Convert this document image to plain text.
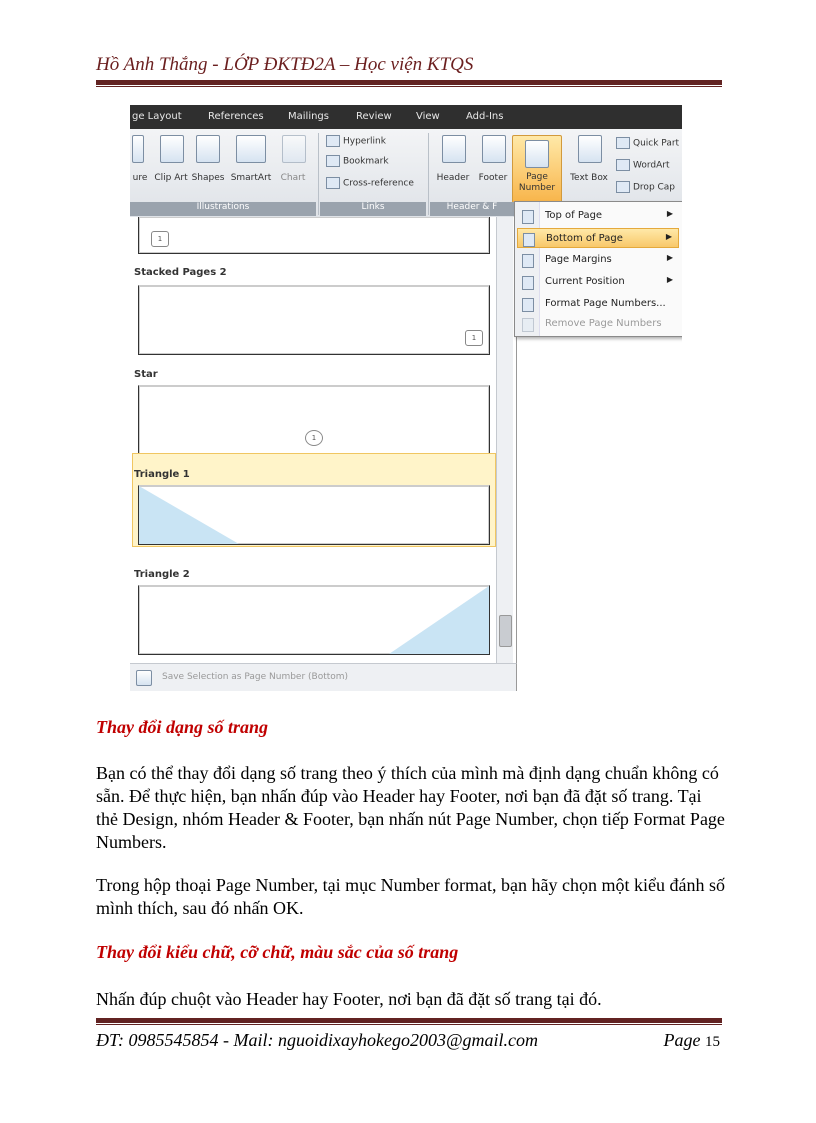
Hồ Anh Thắng - LỚP ĐKTĐ2A – Học viện KTQS
ge Layout	References Mailings	Review View	Add-Ins
ure Clip Art Shapes SmartArt	Chart
Illustrations
Hyperlink
Bookmark
Cross-reference
Links
Header	Footer	Page Number
Header & F
Text Box
Quick Part
WordArt
Drop Cap
1
Stacked Pages 2
1
Star
1
Triangle 1
Triangle 2
Save Selection as Page Number (Bottom)
Top of Page	▶
Bottom of Page	▶
Page Margins	▶
Current Position	▶
Format Page Numbers...
Remove Page Numbers
Thay đổi dạng số trang
Bạn có thể thay đổi dạng số trang theo ý thích của mình mà định dạng chuẩn không có sẵn. Để thực hiện, bạn nhấn đúp vào Header hay Footer, nơi bạn đã đặt số trang. Tại thẻ Design, nhóm Header & Footer, bạn nhấn nút Page Number, chọn tiếp Format Page Numbers.
Trong hộp thoại Page Number, tại mục Number format, bạn hãy chọn một kiểu đánh số mình thích, sau đó nhấn OK.
Thay đổi kiểu chữ, cỡ chữ, màu sắc của số trang
Nhấn đúp chuột vào Header hay Footer, nơi bạn đã đặt số trang tại đó.
ĐT: 0985545854 - Mail: nguoidixayhokego2003@gmail.com	Page 15
